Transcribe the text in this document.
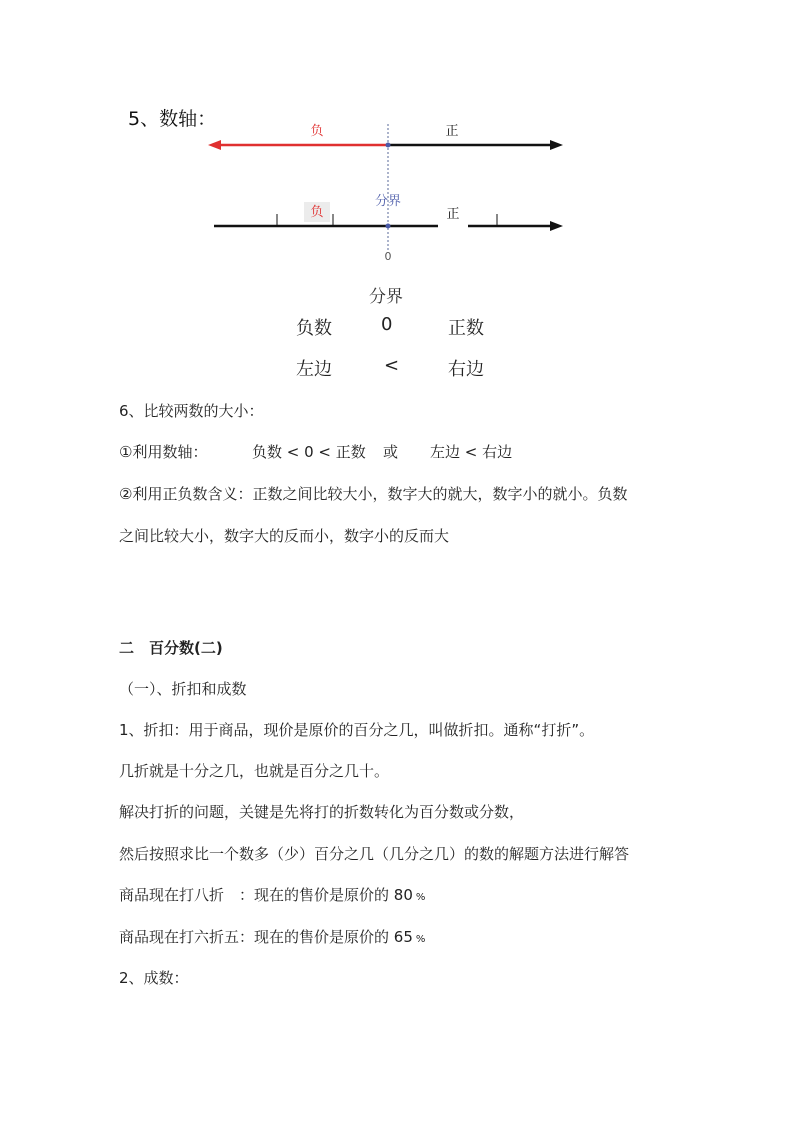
5、数轴：
负	正
负	正
分界
0
分界
负数	0	正数
左边	<	右边
6、比较两数的大小：
①利用数轴：	负数 < 0 < 正数 或 左边 < 右边
②利用正负数含义：正数之间比较大小，数字大的就大，数字小的就小。负数
之间比较大小，数字大的反而小，数字小的反而大
二　百分数(二)
（一）、折扣和成数
1、折扣：用于商品，现价是原价的百分之几，叫做折扣。通称“打折”。
几折就是十分之几，也就是百分之几十。
解决打折的问题，关键是先将打的折数转化为百分数或分数，
然后按照求比一个数多（少）百分之几（几分之几）的数的解题方法进行解答
商品现在打八折　：现在的售价是原价的 80 %
商品现在打六折五：现在的售价是原价的 65 %
2、成数：
